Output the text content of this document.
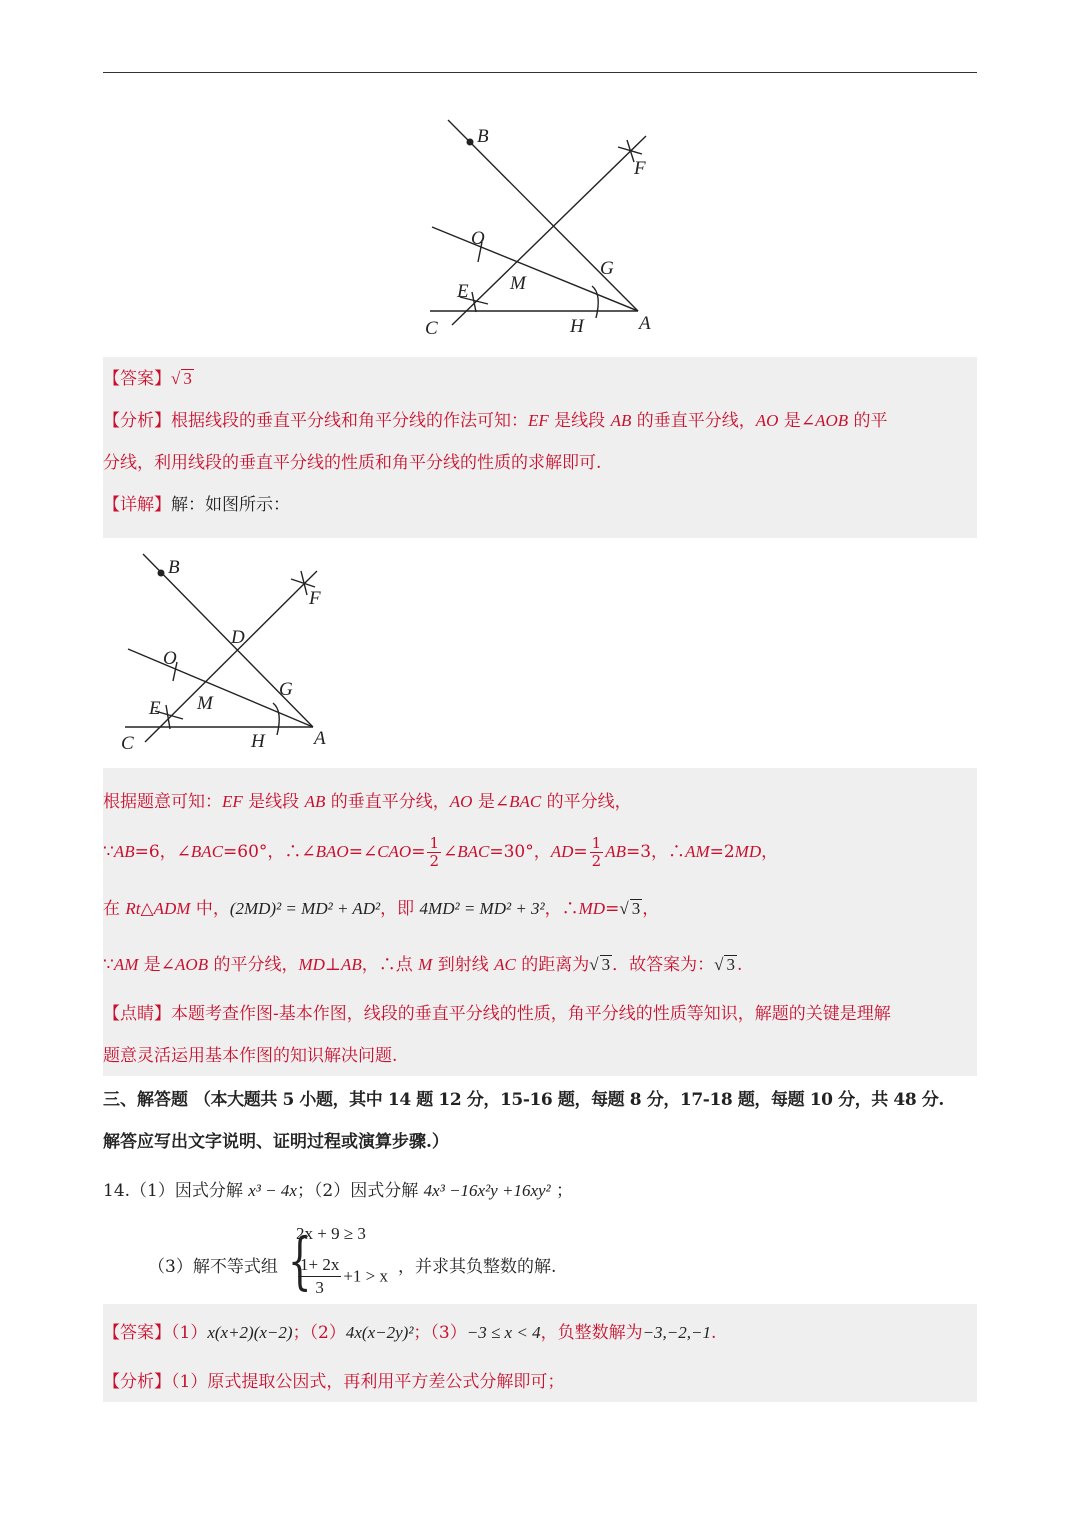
B
F
O
M
G
E
C	H	A
【答案】√ 3
【分析】根据线段的垂直平分线和角平分线的作法可知：EF 是线段 AB 的垂直平分线，AO 是∠AOB 的平
分线，利用线段的垂直平分线的性质和角平分线的性质的求解即可.
【详解】解：如图所示：
B
F
D
O
M
G
E
C	H	A
根据题意可知：EF 是线段 AB 的垂直平分线，AO 是∠BAC 的平分线，
∵AB=6，∠BAC=60°，∴∠BAO=∠CAO= $\frac{1}{2}$ ∠BAC=30°，$AD= \frac{1}{2} AB=3$，∴AM=2MD，
在 Rt△ADM 中，(2MD)² = MD² + AD²，即 4MD² = MD² + 3²，∴MD=√ 3 ，
∵AM 是∠AOB 的平分线，MD⊥AB，∴点 M 到射线 AC 的距离为√ 3 ．故答案为：√ 3 .
【点睛】本题考查作图-基本作图，线段的垂直平分线的性质，角平分线的性质等知识，解题的关键是理解
题意灵活运用基本作图的知识解决问题.
三、解答题 （本大题共 5 小题，其中 14 题 12 分，15-16 题，每题 8 分，17-18 题，每题 10 分，共 48 分.
解答应写出文字说明、证明过程或演算步骤.）
14.（1）因式分解 x³ − 4x；（2）因式分解 4x³ −16x²y +16xy² ；
（3）解不等式组 {
2x + 9 ≥ 3
$\frac{1+ 2x}{3} +1 > x$ ，并求其负整数的解.
【答案】（1）x(x+2)(x−2)；（2）4x(x−2y)²；（3）−3 ≤ x < 4，负整数解为−3,−2,−1.
【分析】（1）原式提取公因式，再利用平方差公式分解即可；
